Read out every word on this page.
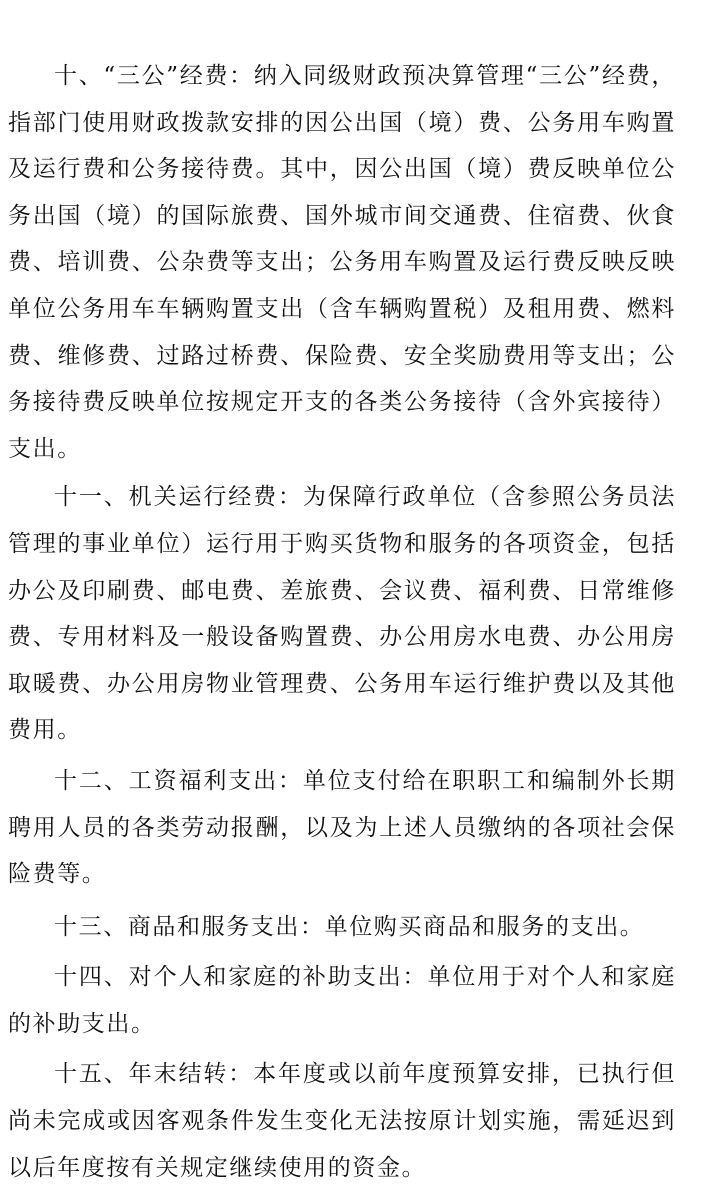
十、“三公”经费：纳入同级财政预决算管理“三公”经费，指部门使用财政拨款安排的因公出国（境）费、公务用车购置及运行费和公务接待费。其中，因公出国（境）费反映单位公务出国（境）的国际旅费、国外城市间交通费、住宿费、伙食费、培训费、公杂费等支出；公务用车购置及运行费反映反映单位公务用车车辆购置支出（含车辆购置税）及租用费、燃料费、维修费、过路过桥费、保险费、安全奖励费用等支出；公务接待费反映单位按规定开支的各类公务接待（含外宾接待）支出。

十一、机关运行经费：为保障行政单位（含参照公务员法管理的事业单位）运行用于购买货物和服务的各项资金，包括办公及印刷费、邮电费、差旅费、会议费、福利费、日常维修费、专用材料及一般设备购置费、办公用房水电费、办公用房取暖费、办公用房物业管理费、公务用车运行维护费以及其他费用。

十二、工资福利支出：单位支付给在职职工和编制外长期聘用人员的各类劳动报酬，以及为上述人员缴纳的各项社会保险费等。

十三、商品和服务支出：单位购买商品和服务的支出。

十四、对个人和家庭的补助支出：单位用于对个人和家庭的补助支出。

十五、年末结转：本年度或以前年度预算安排，已执行但尚未完成或因客观条件发生变化无法按原计划实施，需延迟到以后年度按有关规定继续使用的资金。
